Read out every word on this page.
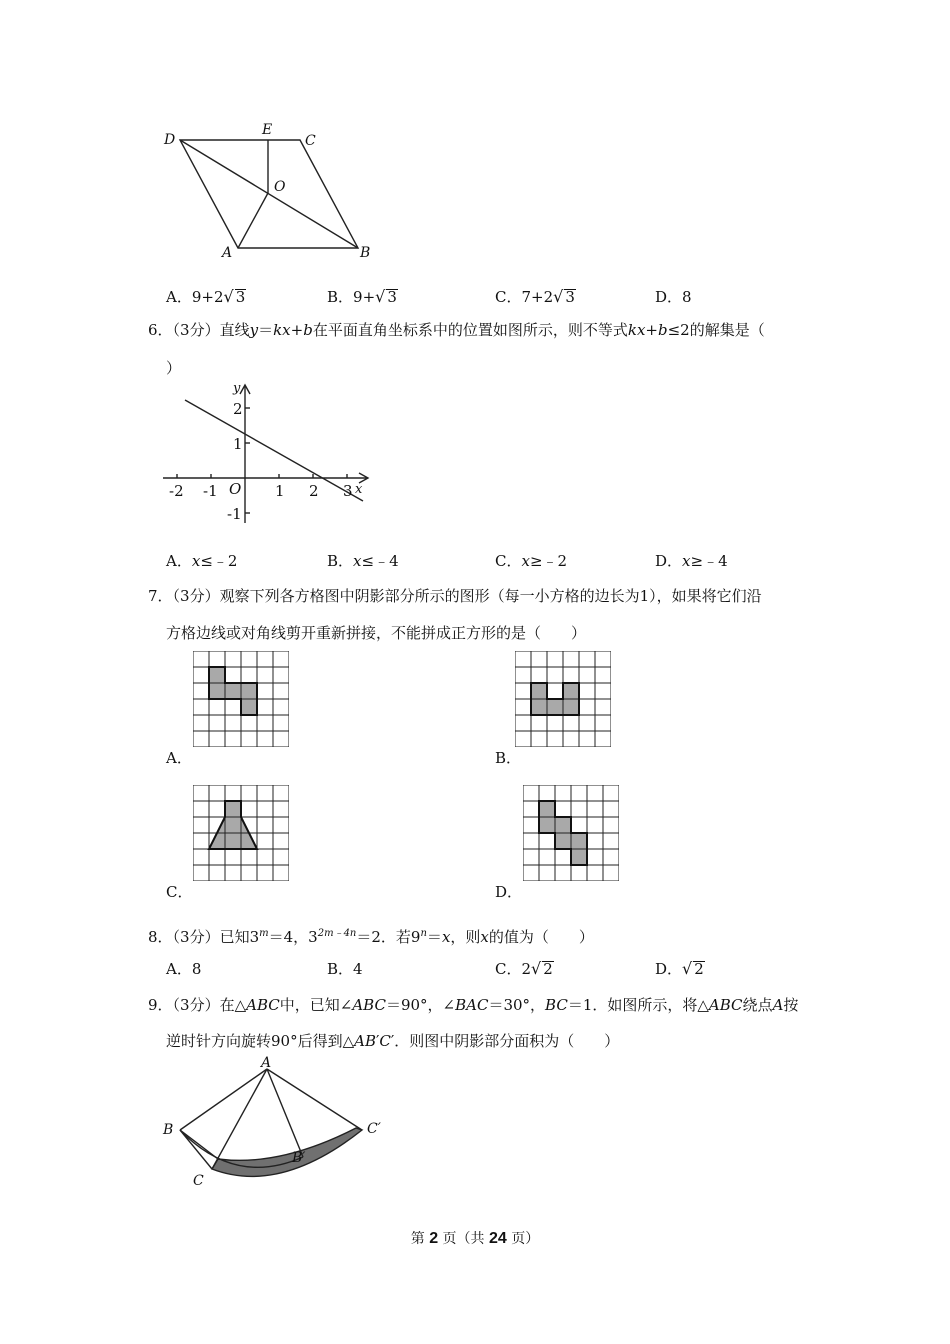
D
E
C
O
A	B
A．9+2√ 3	B．9+√ 3	C．7+2√ 3	D．8
6．（3分）直线y＝kx+b在平面直角坐标系中的位置如图所示，则不等式kx+b≤2的解集是（
）
y
x
O
-2 -1	1 2 3
2
1
-1
A．x≤﹣2	B．x≤﹣4	C．x≥﹣2	D．x≥﹣4
7．（3分）观察下列各方格图中阴影部分所示的图形（每一小方格的边长为1），如果将它们沿
方格边线或对角线剪开重新拼接，不能拼成正方形的是（　　）
A．	B．
C．	D．
8．（3分）已知$3^m=4$，$3^{2m﹣4n}=2$．若$9^n=x$，则x的值为（　　）
A．8	B．4	C．2√ 2	D．√ 2
9．（3分）在△ABC中，已知∠ABC＝90°，∠BAC＝30°，BC＝1．如图所示，将△ABC绕点A按
逆时针方向旋转90°后得到△AB′C′．则图中阴影部分面积为（　　）
A
B
C
B′
C′
第 2 页（共 24 页）
